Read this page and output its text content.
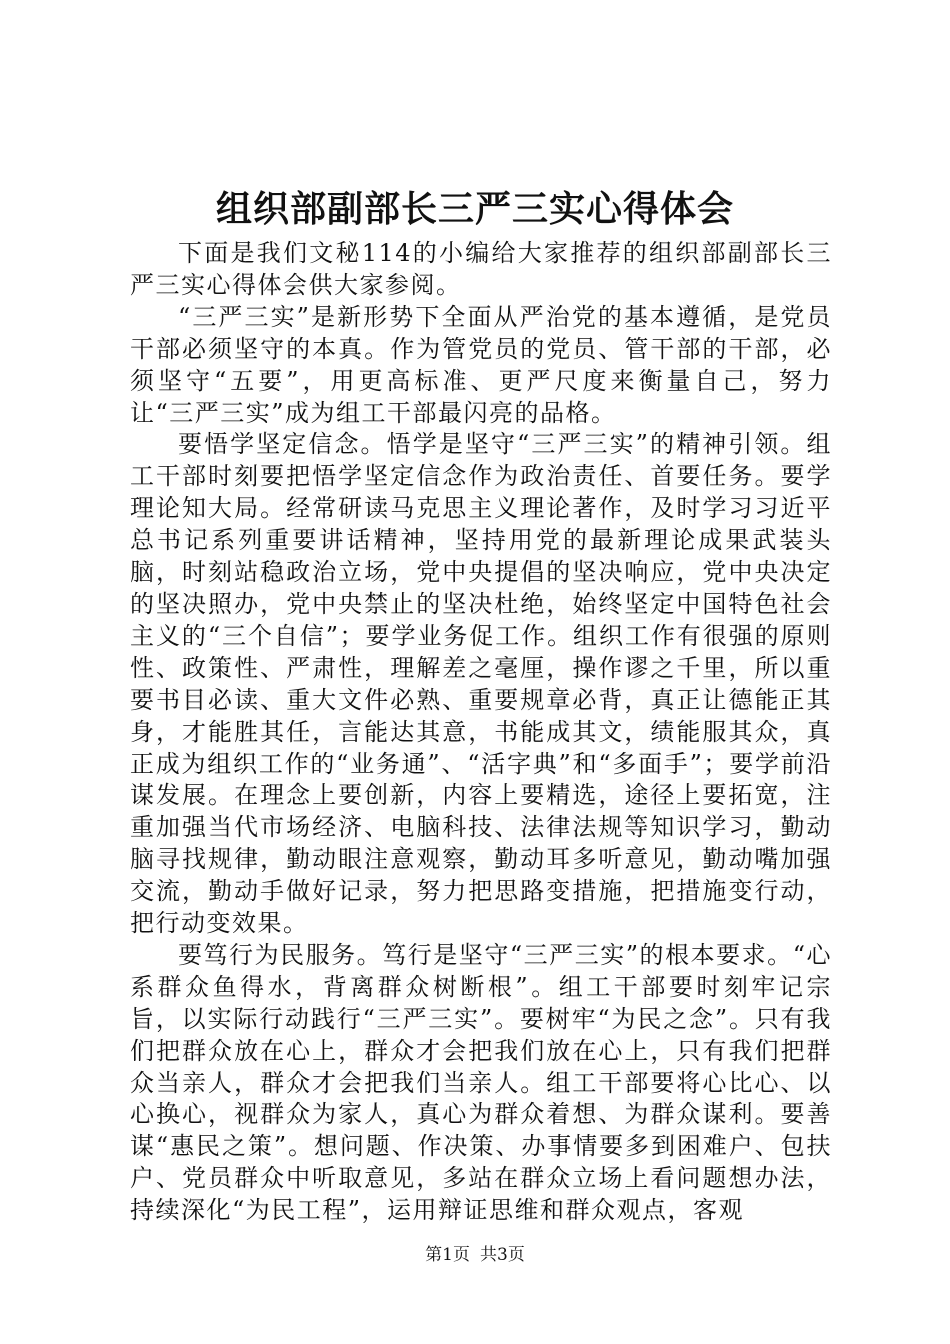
组织部副部长三严三实心得体会

下面是我们文秘114的小编给大家推荐的组织部副部长三严三实心得体会供大家参阅。

“三严三实”是新形势下全面从严治党的基本遵循，是党员干部必须坚守的本真。作为管党员的党员、管干部的干部，必须坚守“五要”，用更高标准、更严尺度来衡量自己，努力让“三严三实”成为组工干部最闪亮的品格。

要悟学坚定信念。悟学是坚守“三严三实”的精神引领。组工干部时刻要把悟学坚定信念作为政治责任、首要任务。要学理论知大局。经常研读马克思主义理论著作，及时学习习近平总书记系列重要讲话精神，坚持用党的最新理论成果武装头脑，时刻站稳政治立场，党中央提倡的坚决响应，党中央决定的坚决照办，党中央禁止的坚决杜绝，始终坚定中国特色社会主义的“三个自信”；要学业务促工作。组织工作有很强的原则性、政策性、严肃性，理解差之毫厘，操作谬之千里，所以重要书目必读、重大文件必熟、重要规章必背，真正让德能正其身，才能胜其任，言能达其意，书能成其文，绩能服其众，真正成为组织工作的“业务通”、“活字典”和“多面手”；要学前沿谋发展。在理念上要创新，内容上要精选，途径上要拓宽，注重加强当代市场经济、电脑科技、法律法规等知识学习，勤动脑寻找规律，勤动眼注意观察，勤动耳多听意见，勤动嘴加强交流，勤动手做好记录，努力把思路变措施，把措施变行动，把行动变效果。

要笃行为民服务。笃行是坚守“三严三实”的根本要求。“心系群众鱼得水，背离群众树断根”。组工干部要时刻牢记宗旨，以实际行动践行“三严三实”。要树牢“为民之念”。只有我们把群众放在心上，群众才会把我们放在心上，只有我们把群众当亲人，群众才会把我们当亲人。组工干部要将心比心、以心换心，视群众为家人，真心为群众着想、为群众谋利。要善谋“惠民之策”。想问题、作决策、办事情要多到困难户、包扶户、党员群众中听取意见，多站在群众立场上看问题想办法，持续深化“为民工程”，运用辩证思维和群众观点，客观

第1页 共3页
